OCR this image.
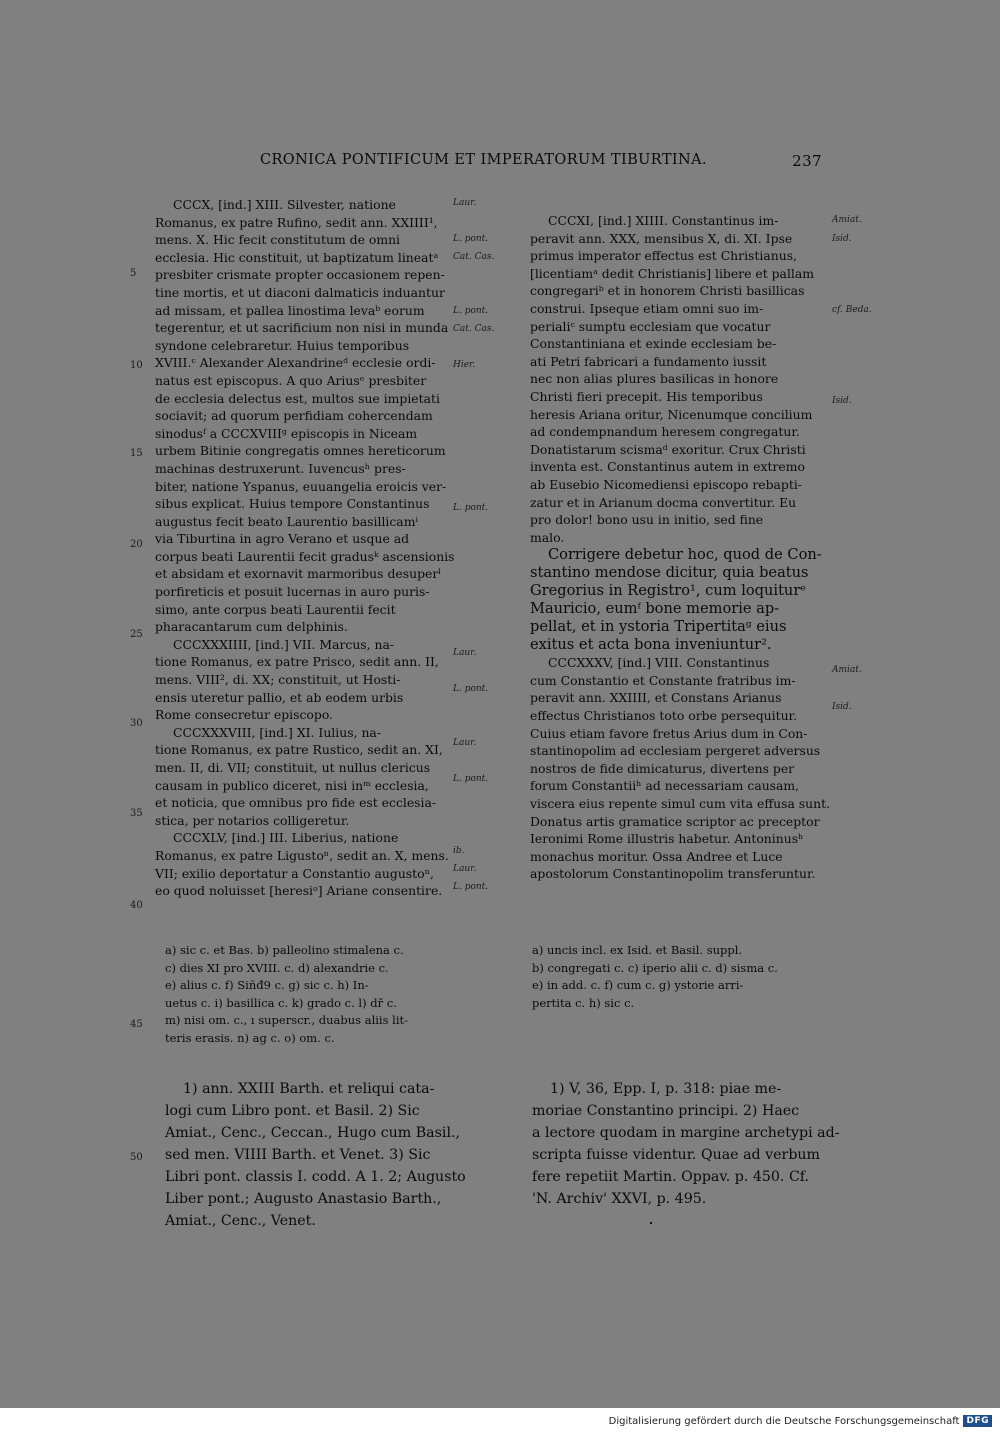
CRONICA PONTIFICUM ET IMPERATORUM TIBURTINA.	237
CCCX, [ind.] XIII. Silvester, natione
Romanus, ex patre Rufino, sedit ann. XXIIII¹,
mens. X. Hic fecit constitutum de omni
ecclesia. Hic constituit, ut baptizatum lineatᵃ
presbiter crismate propter occasionem repen-
tine mortis, et ut diaconi dalmaticis induantur
ad missam, et pallea linostima levaᵇ eorum
tegerentur, et ut sacrificium non nisi in munda
syndone celebraretur. Huius temporibus
XVIII.ᶜ Alexander Alexandrineᵈ ecclesie ordi-
natus est episcopus. A quo Ariusᵉ presbiter
de ecclesia delectus est, multos sue impietati
sociavit; ad quorum perfidiam cohercendam
sinodusᶠ a CCCXVIIIᵍ episcopis in Niceam
urbem Bitinie congregatis omnes hereticorum
machinas destruxerunt. Iuvencusʰ pres-
biter, natione Yspanus, euuangelia eroicis ver-
sibus explicat. Huius tempore Constantinus
augustus fecit beato Laurentio basillicamⁱ
via Tiburtina in agro Verano et usque ad
corpus beati Laurentii fecit gradusᵏ ascensionis
et absidam et exornavit marmoribus desuperˡ
porfireticis et posuit lucernas in auro puris-
simo, ante corpus beati Laurentii fecit
pharacantarum cum delphinis.
CCCXXXIIII, [ind.] VII. Marcus, na-
tione Romanus, ex patre Prisco, sedit ann. II,
mens. VIII², di. XX; constituit, ut Hosti-
ensis uteretur pallio, et ab eodem urbis
Rome consecretur episcopo.
CCCXXXVIII, [ind.] XI. Iulius, na-
tione Romanus, ex patre Rustico, sedit an. XI,
men. II, di. VII; constituit, ut nullus clericus
causam in publico diceret, nisi inᵐ ecclesia,
et noticia, que omnibus pro fide est ecclesia-
stica, per notarios colligeretur.
CCCXLV, [ind.] III. Liberius, natione
Romanus, ex patre Ligustoⁿ, sedit an. X, mens.
VII; exilio deportatur a Constantio augustoⁿ,
eo quod noluisset [heresiᵒ] Ariane consentire.
5
10
15
20
25
30
35
40
Laur.
L. pont.
Cat. Cas.
L. pont.
Cat. Cas.
Hier.
L. pont.
Laur.
L. pont.
Laur.
L. pont.
ib.
Laur.
L. pont.
CCCXI, [ind.] XIIII. Constantinus im-
peravit ann. XXX, mensibus X, di. XI. Ipse
primus imperator effectus est Christianus,
[licentiamᵃ dedit Christianis] libere et pallam
congregariᵇ et in honorem Christi basillicas
construi. Ipseque etiam omni suo im-
perialiᶜ sumptu ecclesiam que vocatur
Constantiniana et exinde ecclesiam be-
ati Petri fabricari a fundamento iussit
nec non alias plures basilicas in honore
Christi fieri precepit. His temporibus
heresis Ariana oritur, Nicenumque concilium
ad condempnandum heresem congregatur.
Donatistarum scismaᵈ exoritur. Crux Christi
inventa est. Constantinus autem in extremo
ab Eusebio Nicomediensi episcopo rebapti-
zatur et in Arianum docma convertitur. Eu
pro dolor! bono usu in initio, sed fine
malo.
Corrigere debetur hoc, quod de Con-
stantino mendose dicitur, quia beatus
Gregorius in Registro¹, cum loquiturᵉ
Mauricio, eumᶠ bone memorie ap-
pellat, et in ystoria Tripertitaᵍ eius
exitus et acta bona inveniuntur².
CCCXXXV, [ind.] VIII. Constantinus
cum Constantio et Constante fratribus im-
peravit ann. XXIIII, et Constans Arianus
effectus Christianos toto orbe persequitur.
Cuius etiam favore fretus Arius dum in Con-
stantinopolim ad ecclesiam pergeret adversus
nostros de fide dimicaturus, divertens per
forum Constantiiʰ ad necessariam causam,
viscera eius repente simul cum vita effusa sunt.
Donatus artis gramatice scriptor ac preceptor
Ieronimi Rome illustris habetur. Antoninusʰ
monachus moritur. Ossa Andree et Luce
apostolorum Constantinopolim transferuntur.
Amiat.
Isid.
cf. Beda.
Isid.
Amiat.
Isid.
a) sic c. et Bas. b) palleolino stimalena c.
c) dies XI pro XVIII. c. d) alexandrie c.
e) alius c. f) Siñđ9 c. g) sic c. h) In-
uetus c. i) basillica c. k) grado c. l) dř c.
m) nisi om. c., ı superscr., duabus aliis lit-
teris erasis. n) ag c. o) om. c.
45
a) uncis incl. ex Isid. et Basil. suppl.
b) congregati c. c) iperio alii c. d) sisma c.
e) in add. c. f) cum c. g) ystorie arri-
pertita c. h) sic c.
1) ann. XXIII Barth. et reliqui cata-
logi cum Libro pont. et Basil. 2) Sic
Amiat., Cenc., Ceccan., Hugo cum Basil.,
sed men. VIIII Barth. et Venet. 3) Sic
Libri pont. classis I. codd. A 1. 2; Augusto
Liber pont.; Augusto Anastasio Barth.,
Amiat., Cenc., Venet.
50
1) V, 36, Epp. I, p. 318: piae me-
moriae Constantino principi. 2) Haec
a lectore quodam in margine archetypi ad-
scripta fuisse videntur. Quae ad verbum
fere repetiit Martin. Oppav. p. 450. Cf.
'N. Archiv' XXVI, p. 495.
Digitalisierung gefördert durch die Deutsche Forschungsgemeinschaft DFG
